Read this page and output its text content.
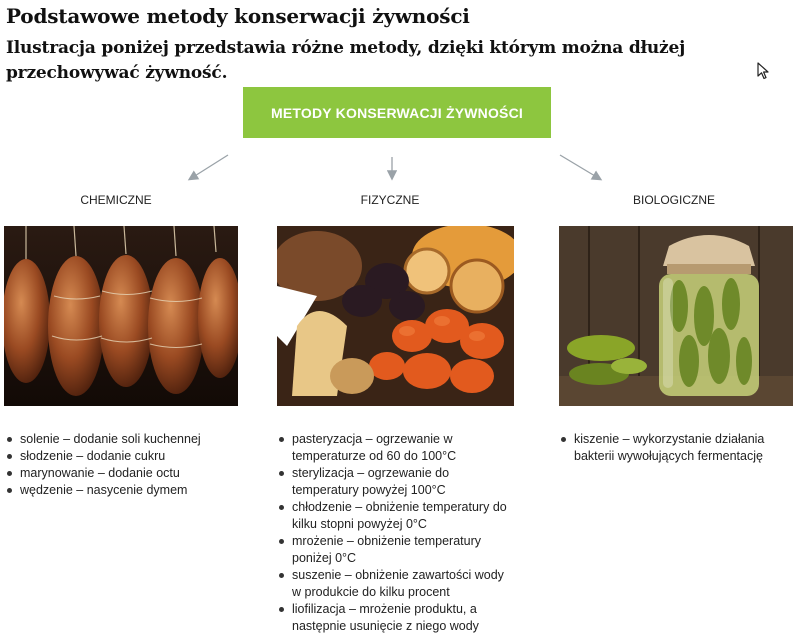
Podstawowe metody konserwacji żywności
Ilustracja poniżej przedstawia różne metody, dzięki którym można dłużej przechowywać żywność.
METODY KONSERWACJI ŻYWNOŚCI
CHEMICZNE	FIZYCZNE	BIOLOGICZNE
solenie – dodanie soli kuchennej
słodzenie – dodanie cukru
marynowanie – dodanie octu
wędzenie – nasycenie dymem
pasteryzacja – ogrzewanie w temperaturze od 60 do 100°C
sterylizacja – ogrzewanie do temperatury powyżej 100°C
chłodzenie – obniżenie temperatury do kilku stopni powyżej 0°C
mrożenie – obniżenie temperatury poniżej 0°C
suszenie – obniżenie zawartości wody w produkcie do kilku procent
liofilizacja – mrożenie produktu, a następnie usunięcie z niego wody
kiszenie – wykorzystanie działania bakterii wywołujących fermentację
